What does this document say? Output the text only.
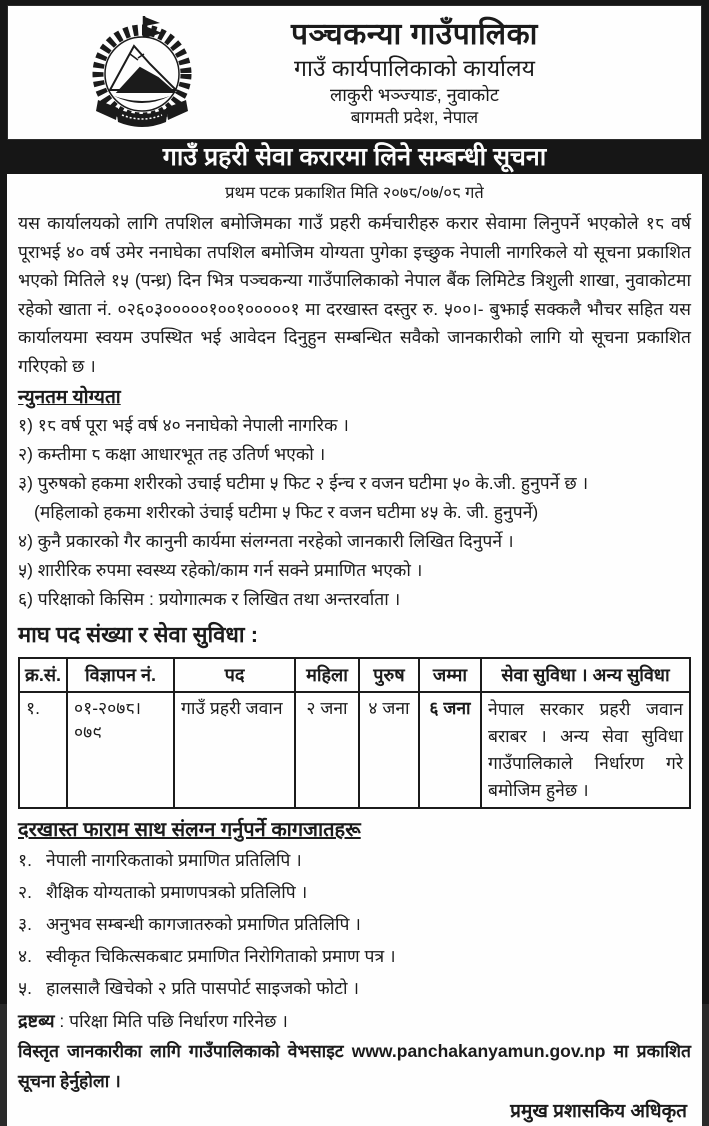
पञ्चकन्या गाउँपालिका
गाउँ कार्यपालिकाको कार्यालय
लाकुरी भञ्ज्याङ, नुवाकोट
बागमती प्रदेश, नेपाल
गाउँ प्रहरी सेवा करारमा लिने सम्बन्धी सूचना
प्रथम पटक प्रकाशित मिति २०७८/०७/०८ गते
यस कार्यालयको लागि तपशिल बमोजिमका गाउँ प्रहरी कर्मचारीहरु करार सेवामा लिनुपर्ने भएकोले १८ वर्ष पूराभई ४० वर्ष उमेर ननाघेका तपशिल बमोजिम योग्यता पुगेका इच्छुक नेपाली नागरिकले यो सूचना प्रकाशित भएको मितिले १५ (पन्ध्र) दिन भित्र पञ्चकन्या गाउँपालिकाको नेपाल बैंक लिमिटेड त्रिशुली शाखा, नुवाकोटमा रहेको खाता नं. ०२६०३०००००१००१०००००१ मा दरखास्त दस्तुर रु. ५००।- बुझाई सक्कलै भौचर सहित यस कार्यालयमा स्वयम उपस्थित भई आवेदन दिनुहुन सम्बन्धित सवैको जानकारीको लागि यो सूचना प्रकाशित गरिएको छ ।
न्युनतम योग्यता
१) १८ वर्ष पूरा भई वर्ष ४० ननाघेको नेपाली नागरिक ।
२) कम्तीमा ८ कक्षा आधारभूत तह उतिर्ण भएको ।
३) पुरुषको हकमा शरीरको उचाई घटीमा ५ फिट २ ईन्च र वजन घटीमा ५० के.जी. हुनुपर्ने छ ।
(महिलाको हकमा शरीरको उंचाई घटीमा ५ फिट र वजन घटीमा ४५ के. जी. हुनुपर्ने)
४) कुनै प्रकारको गैर कानुनी कार्यमा संलग्नता नरहेको जानकारी लिखित दिनुपर्ने ।
५) शारीरिक रुपमा स्वस्थ्य रहेको/काम गर्न सक्ने प्रमाणित भएको ।
६) परिक्षाको किसिम : प्रयोगात्मक र लिखित तथा अन्तरर्वाता ।
माघ पद संख्या र सेवा सुविधा :
क्र.सं.	विज्ञापन नं.	पद	महिला	पुरुष	जम्मा	सेवा सुविधा । अन्य सुविधा
१.	०१-२०७८।०७९	गाउँ प्रहरी जवान	२ जना	४ जना	६ जना	नेपाल सरकार प्रहरी जवान बराबर । अन्य सेवा सुविधा गाउँपालिकाले निर्धारण गरे बमोजिम हुनेछ ।
दरखास्त फाराम साथ संलग्न गर्नुपर्ने कागजातहरू
१. नेपाली नागरिकताको प्रमाणित प्रतिलिपि ।
२. शैक्षिक योग्यताको प्रमाणपत्रको प्रतिलिपि ।
३. अनुभव सम्बन्धी कागजातरुको प्रमाणित प्रतिलिपि ।
४. स्वीकृत चिकित्सकबाट प्रमाणित निरोगिताको प्रमाण पत्र ।
५. हालसालै खिचेको २ प्रति पासपोर्ट साइजको फोटो ।
द्रष्टब्य : परिक्षा मिति पछि निर्धारण गरिनेछ ।
विस्तृत जानकारीका लागि गाउँपालिकाको वेभसाइट www.panchakanyamun.gov.np मा प्रकाशित सूचना हेर्नुहोला ।
प्रमुख प्रशासकिय अधिकृत
